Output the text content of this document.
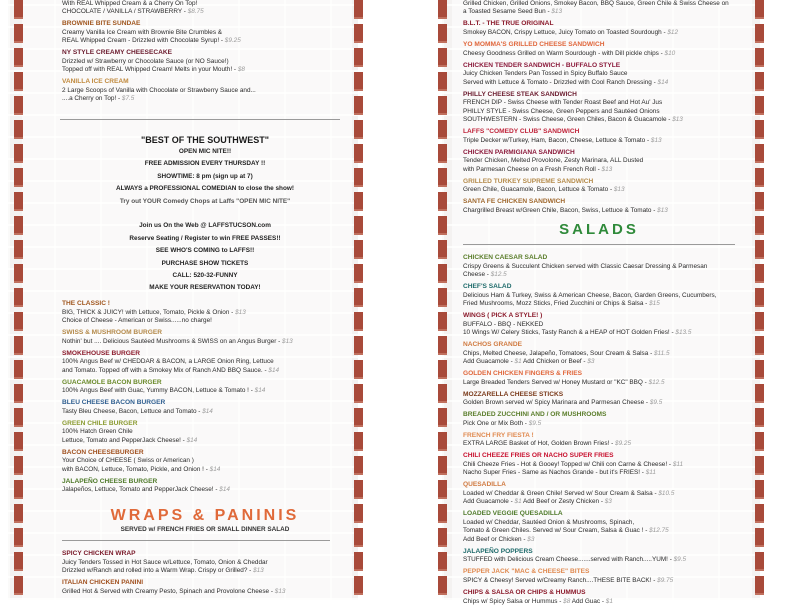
With REAL Whipped Cream & a Cherry On Top!
CHOCOLATE / VANILLA / STRAWBERRY - $8.75
BROWNIE BITE SUNDAE
Creamy Vanilla Ice Cream with Brownie Bite Crumbles &
REAL Whipped Cream - Drizzled with Chocolate Syrup! - $9.25
NY STYLE CREAMY CHEESECAKE
Drizzled w/ Strawberry or Chocolate Sauce (or NO Sauce!)
Topped off with REAL Whipped Cream! Melts in your Mouth! - $8
VANILLA ICE CREAM
2 Large Scoops of Vanilla with Chocolate or Strawberry Sauce and...
....a Cherry on Top! - $7.5
"BEST OF THE SOUTHWEST"
OPEN MIC NITE!!
FREE ADMISSION EVERY THURSDAY !!
SHOWTIME: 8 pm (sign up at 7)
ALWAYS a PROFESSIONAL COMEDIAN to close the show!
Try out YOUR Comedy Chops at Laffs "OPEN MIC NITE"
Join us On the Web @ LAFFSTUCSON.com
Reserve Seating / Register to win FREE PASSES!!
SEE WHO'S COMING to LAFFS!!
PURCHASE SHOW TICKETS
CALL: 520-32-FUNNY
MAKE YOUR RESERVATION TODAY!
THE CLASSIC !
BIG, THICK & JUICY! with Lettuce, Tomato, Pickle & Onion - $13
Choice of Cheese - American or Swiss......no charge!
SWISS & MUSHROOM BURGER
Nothin' but .... Delicious Sautéed Mushrooms & SWISS on an Angus Burger - $13
SMOKEHOUSE BURGER
100% Angus Beef w/ CHEDDAR & BACON, a LARGE Onion Ring, Lettuce
and Tomato. Topped off with a Smokey Mix of Ranch AND BBQ Sauce. - $14
GUACAMOLE BACON BURGER
100% Angus Beef with Guac, Yummy BACON, Lettuce & Tomato ! - $14
BLEU CHEESE BACON BURGER
Tasty Bleu Cheese, Bacon, Lettuce and Tomato - $14
GREEN CHILE BURGER
100% Hatch Green Chile
Lettuce, Tomato and PepperJack Cheese! - $14
BACON CHEESEBURGER
Your Choice of CHEESE ( Swiss or American )
with BACON, Lettuce, Tomato, Pickle, and Onion ! - $14
JALAPEÑO CHEESE BURGER
Jalapeños, Lettuce, Tomato and PepperJack Cheese! - $14
WRAPS & PANINIS
SERVED w/ FRENCH FRIES OR SMALL DINNER SALAD
SPICY CHICKEN WRAP
Juicy Tenders Tossed in Hot Sauce w/Lettuce, Tomato, Onion & Cheddar
Drizzled w/Ranch and rolled into a Warm Wrap. Crispy or Grilled? - $13
ITALIAN CHICKEN PANINI
Grilled Hot & Served with Creamy Pesto, Spinach and Provolone Cheese - $13
Grilled Chicken, Grilled Onions, Smokey Bacon, BBQ Sauce, Green Chile & Swiss Cheese on
a Toasted Sesame Seed Bun - $13
B.L.T. - THE TRUE ORIGINAL
Smokey BACON, Crispy Lettuce, Juicy Tomato on Toasted Sourdough - $12
YO MOMMA'S GRILLED CHEESE SANDWICH
Cheesy Goodness Grilled on Warm Sourdough - with Dill pickle chips - $10
CHICKEN TENDER SANDWICH - BUFFALO STYLE
Juicy Chicken Tenders Pan Tossed in Spicy Buffalo Sauce
Served with Lettuce & Tomato - Drizzled with Cool Ranch Dressing - $14
PHILLY CHEESE STEAK SANDWICH
FRENCH DIP - Swiss Cheese with Tender Roast Beef and Hot Au' Jus
PHILLY STYLE - Swiss Cheese, Green Peppers and Sautéed Onions
SOUTHWESTERN - Swiss Cheese, Green Chiles, Bacon & Guacamole - $13
LAFFS "COMEDY CLUB" SANDWICH
Triple Decker w/Turkey, Ham, Bacon, Cheese, Lettuce & Tomato - $13
CHICKEN PARMIGIANA SANDWICH
Tender Chicken, Melted Provolone, Zesty Marinara, ALL Dusted
with Parmesan Cheese on a Fresh French Roll - $13
GRILLED TURKEY SUPREME SANDWICH
Green Chile, Guacamole, Bacon, Lettuce & Tomato - $13
SANTA FE CHICKEN SANDWICH
Chargrilled Breast w/Green Chile, Bacon, Swiss, Lettuce & Tomato - $13
SALADS
CHICKEN CAESAR SALAD
Crispy Greens & Succulent Chicken served with Classic Caesar Dressing & Parmesan
Cheese - $12.5
CHEF'S SALAD
Delicious Ham & Turkey, Swiss & American Cheese, Bacon, Garden Greens, Cucumbers,
Fried Mushrooms, Mozz Sticks, Fried Zucchini or Chips & Salsa - $15
WINGS ( PICK A STYLE! )
BUFFALO - BBQ - NEKKED
10 Wings W/ Celery Sticks, Tasty Ranch & a HEAP of HOT Golden Fries! - $13.5
NACHOS GRANDE
Chips, Melted Cheese, Jalapeño, Tomatoes, Sour Cream & Salsa - $11.5
Add Guacamole - $1 Add Chicken or Beef - $3
GOLDEN CHICKEN FINGERS & FRIES
Large Breaded Tenders Served w/ Honey Mustard or "KC" BBQ - $12.5
MOZZARELLA CHEESE STICKS
Golden Brown served w/ Spicy Marinara and Parmesan Cheese - $9.5
BREADED ZUCCHINI AND / OR MUSHROOMS
Pick One or Mix Both - $9.5
FRENCH FRY FIESTA !
EXTRA LARGE Basket of Hot, Golden Brown Fries! - $9.25
CHILI CHEEZE FRIES OR NACHO SUPER FRIES
Chili Cheeze Fries - Hot & Gooey! Topped w/ Chili con Carne & Cheese! - $11
Nacho Super Fries - Same as Nachos Grande - but it's FRIES! - $11
QUESADILLA
Loaded w/ Cheddar & Green Chile! Served w/ Sour Cream & Salsa - $10.5
Add Guacamole - $1 Add Beef or Zesty Chicken - $3
LOADED VEGGIE QUESADILLA
Loaded w/ Cheddar, Sautéed Onion & Mushrooms, Spinach,
Tomato & Green Chiles. Served w/ Sour Cream, Salsa & Guac ! - $12.75
Add Beef or Chicken - $3
JALAPEÑO POPPERS
STUFFED with Delicious Cream Cheese.......served with Ranch.....YUM! - $9.5
PEPPER JACK "MAC & CHEESE" BITES
SPICY & Cheesy! Served w/Creamy Ranch....THESE BITE BACK! - $9.75
CHIPS & SALSA OR CHIPS & HUMMUS
Chips w/ Spicy Salsa or Hummus - $8 Add Guac - $1
